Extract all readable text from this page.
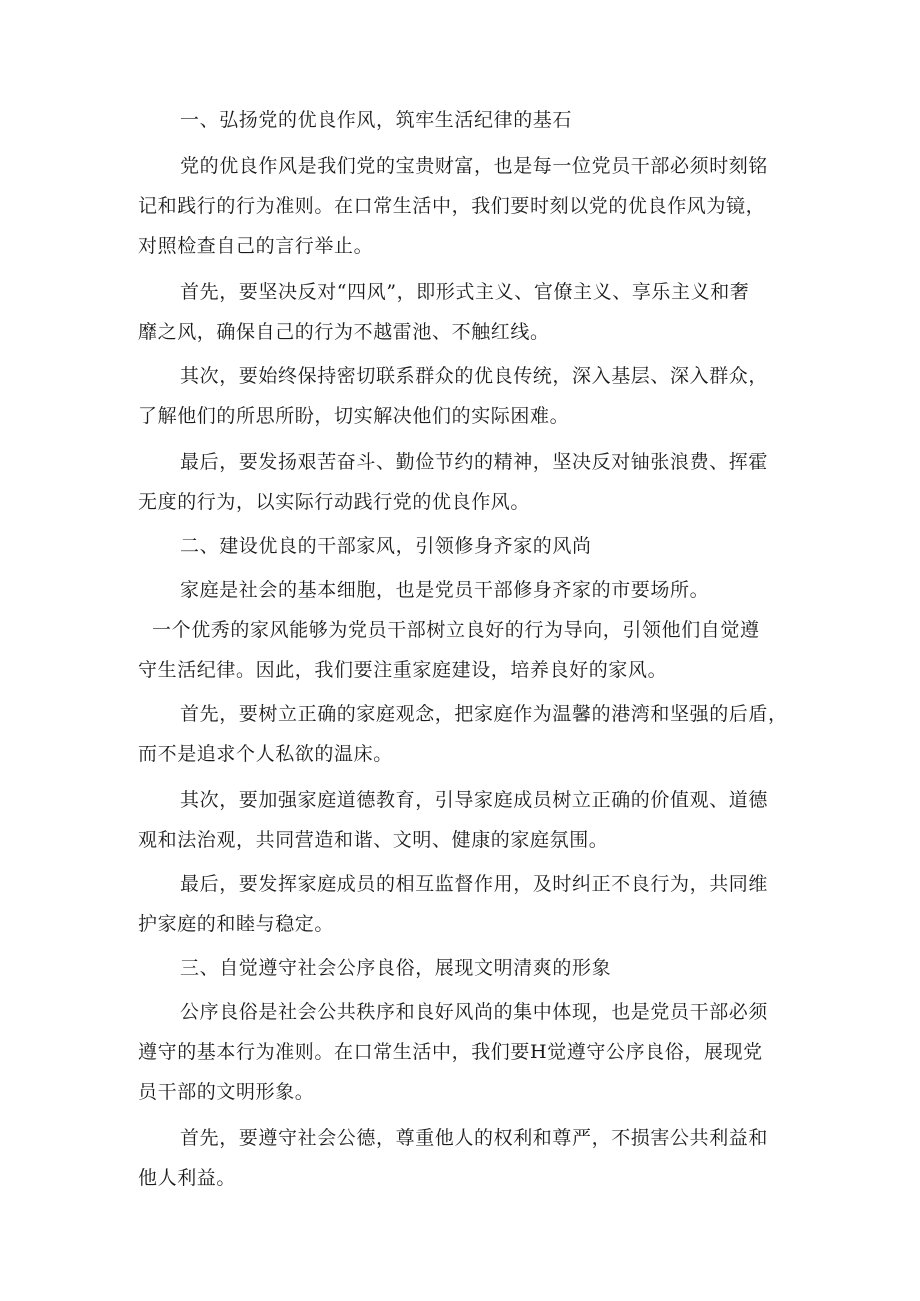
一、弘扬党的优良作风，筑牢生活纪律的基石
党的优良作风是我们党的宝贵财富，也是每一位党员干部必须时刻铭
记和践行的行为准则。在口常生活中，我们要时刻以党的优良作风为镜，
对照检查自己的言行举止。
首先，要坚决反对“四风”，即形式主义、官僚主义、享乐主义和奢
靡之风，确保自己的行为不越雷池、不触红线。
其次，要始终保持密切联系群众的优良传统，深入基层、深入群众，
了解他们的所思所盼，切实解决他们的实际困难。
最后，要发扬艰苦奋斗、勤俭节约的精神，坚决反对铀张浪费、挥霍
无度的行为，以实际行动践行党的优良作风。
二、建设优良的干部家风，引领修身齐家的风尚
家庭是社会的基本细胞，也是党员干部修身齐家的市要场所。
一个优秀的家风能够为党员干部树立良好的行为导向，引领他们自觉遵
守生活纪律。因此，我们要注重家庭建设，培养良好的家风。
首先，要树立正确的家庭观念，把家庭作为温馨的港湾和坚强的后盾，
而不是追求个人私欲的温床。
其次，要加强家庭道德教育，引导家庭成员树立正确的价值观、道德
观和法治观，共同营造和谐、文明、健康的家庭氛围。
最后，要发挥家庭成员的相互监督作用，及时纠正不良行为，共同维
护家庭的和睦与稳定。
三、自觉遵守社会公序良俗，展现文明清爽的形象
公序良俗是社会公共秩序和良好风尚的集中体现，也是党员干部必须
遵守的基本行为准则。在口常生活中，我们要H觉遵守公序良俗，展现党
员干部的文明形象。
首先，要遵守社会公德，尊重他人的权利和尊严，不损害公共利益和
他人利益。
